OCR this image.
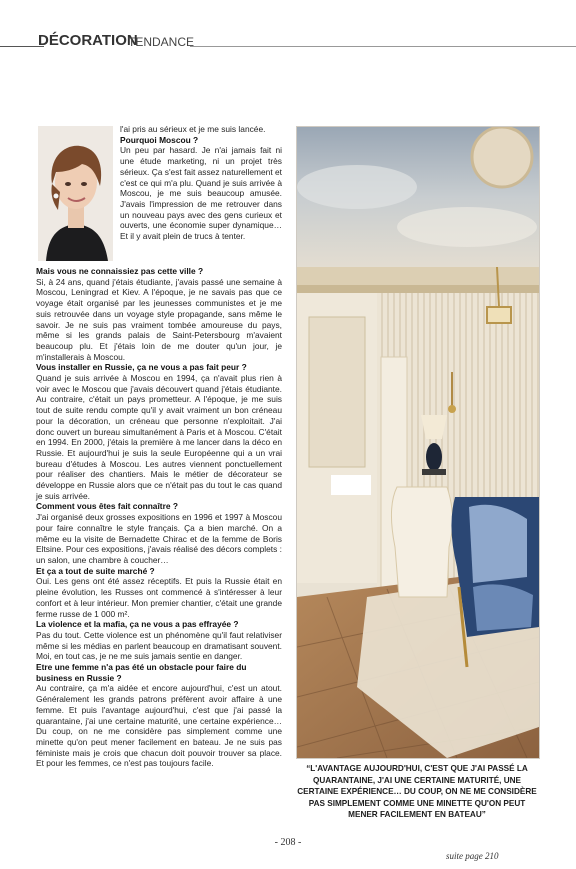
DÉCORATION
TENDANCE

l'ai pris au sérieux et je me suis lancée.

Pourquoi Moscou ?

Un peu par hasard. Je n'ai jamais fait ni une étude marketing, ni un projet très sérieux. Ça s'est fait assez naturellement et c'est ce qui m'a plu. Quand je suis arrivée à Moscou, je me suis beaucoup amusée. J'avais l'impression de me retrouver dans un nouveau pays avec des gens curieux et ouverts, une économie super dynamique… Et il y avait plein de trucs à tenter.

Mais vous ne connaissiez pas cette ville ?

Si, à 24 ans, quand j'étais étudiante, j'avais passé une semaine à Moscou, Leningrad et Kiev. A l'époque, je ne savais pas que ce voyage était organisé par les jeunesses communistes et je me suis retrouvée dans un voyage style propagande, sans même le savoir. Je ne suis pas vraiment tombée amoureuse du pays, même si les grands palais de Saint-Petersbourg m'avaient beaucoup plu. Et j'étais loin de me douter qu'un jour, je m'installerais à Moscou.

Vous installer en Russie, ça ne vous a pas fait peur ?

Quand je suis arrivée à Moscou en 1994, ça n'avait plus rien à voir avec le Moscou que j'avais découvert quand j'étais étudiante. Au contraire, c'était un pays prometteur. A l'époque, je me suis tout de suite rendu compte qu'il y avait vraiment un bon créneau pour la décoration, un créneau que personne n'exploitait. J'ai donc ouvert un bureau simultanément à Paris et à Moscou. C'était en 1994. En 2000, j'étais la première à me lancer dans la déco en Russie. Et aujourd'hui je suis la seule Européenne qui a un vrai bureau d'études à Moscou. Les autres viennent ponctuellement pour réaliser des chantiers. Mais le métier de décorateur se développe en Russie alors que ce n'était pas du tout le cas quand je suis arrivée.

Comment vous êtes fait connaître ?

J'ai organisé deux grosses expositions en 1996 et 1997 à Moscou pour faire connaître le style français. Ça a bien marché. On a même eu la visite de Bernadette Chirac et de la femme de Boris Eltsine. Pour ces expositions, j'avais réalisé des décors complets : un salon, une chambre à coucher…

Et ça a tout de suite marché ?

Oui. Les gens ont été assez réceptifs. Et puis la Russie était en pleine évolution, les Russes ont commencé à s'intéresser à leur confort et à leur intérieur. Mon premier chantier, c'était une grande ferme russe de 1 000 m².

La violence et la mafia, ça ne vous a pas effrayée ?

Pas du tout. Cette violence est un phénomène qu'il faut relativiser même si les médias en parlent beaucoup en dramatisant souvent. Moi, en tout cas, je ne me suis jamais sentie en danger.

Etre une femme n'a pas été un obstacle pour faire du business en Russie ?

Au contraire, ça m'a aidée et encore aujourd'hui, c'est un atout. Généralement les grands patrons préfèrent avoir affaire à une femme. Et puis l'avantage aujourd'hui, c'est que j'ai passé la quarantaine, j'ai une certaine maturité, une certaine expérience… Du coup, on ne me considère pas simplement comme une minette qu'on peut mener facilement en bateau. Je ne suis pas féministe mais je crois que chacun doit pouvoir trouver sa place. Et pour les femmes, ce n'est pas toujours facile.

“L'AVANTAGE AUJOURD'HUI, C'EST QUE J'AI PASSÉ LA QUARANTAINE, J'AI UNE CERTAINE MATURITÉ, UNE CERTAINE EXPÉRIENCE… DU COUP, ON NE ME CONSIDÈRE PAS SIMPLEMENT COMME UNE MINETTE QU'ON PEUT MENER FACILEMENT EN BATEAU”

- 208 -
suite page 210
